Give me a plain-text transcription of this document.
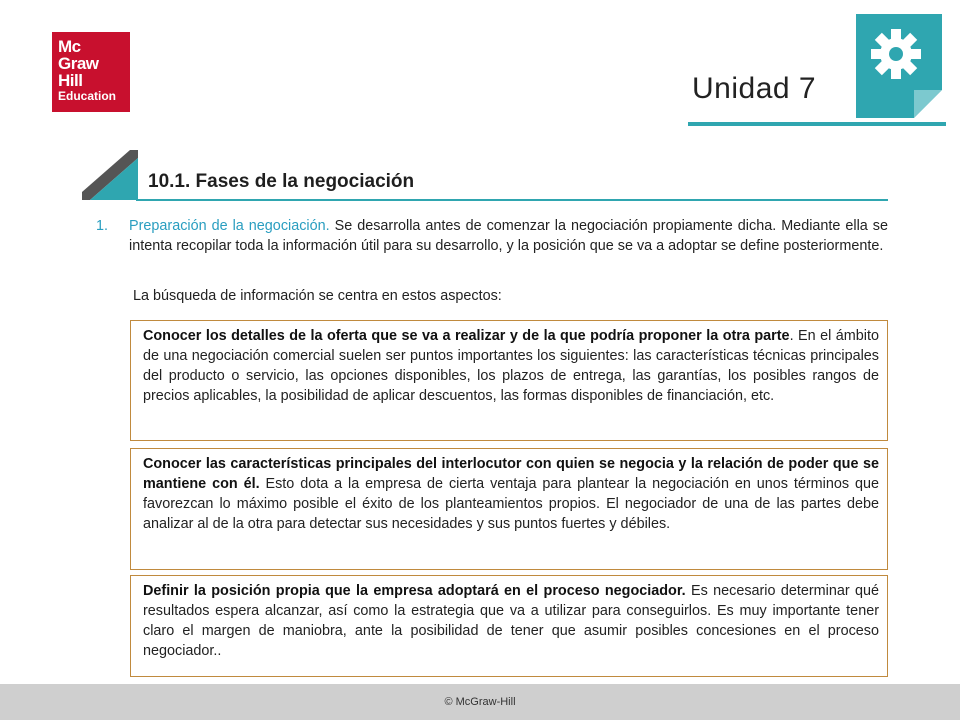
Mc
Graw
Hill
Education	Unidad 7
10.1. Fases de la negociación
1. Preparación de la negociación. Se desarrolla antes de comenzar la negociación propiamente dicha. Mediante ella se intenta recopilar toda la información útil para su desarrollo, y la posición que se va a adoptar se define posteriormente.
La búsqueda de información se centra en estos aspectos:
Conocer los detalles de la oferta que se va a realizar y de la que podría proponer la otra parte. En el ámbito de una negociación comercial suelen ser puntos importantes los siguientes: las características técnicas principales del producto o servicio, las opciones disponibles, los plazos de entrega, las garantías, los posibles rangos de precios aplicables, la posibilidad de aplicar descuentos, las formas disponibles de financiación, etc.
Conocer las características principales del interlocutor con quien se negocia y la relación de poder que se mantiene con él. Esto dota a la empresa de cierta ventaja para plantear la negociación en unos términos que favorezcan lo máximo posible el éxito de los planteamientos propios. El negociador de una de las partes debe analizar al de la otra para detectar sus necesidades y sus puntos fuertes y débiles.
Definir la posición propia que la empresa adoptará en el proceso negociador. Es necesario determinar qué resultados espera alcanzar, así como la estrategia que va a utilizar para conseguirlos. Es muy importante tener claro el margen de maniobra, ante la posibilidad de tener que asumir posibles concesiones en el proceso negociador..
© McGraw-Hill
